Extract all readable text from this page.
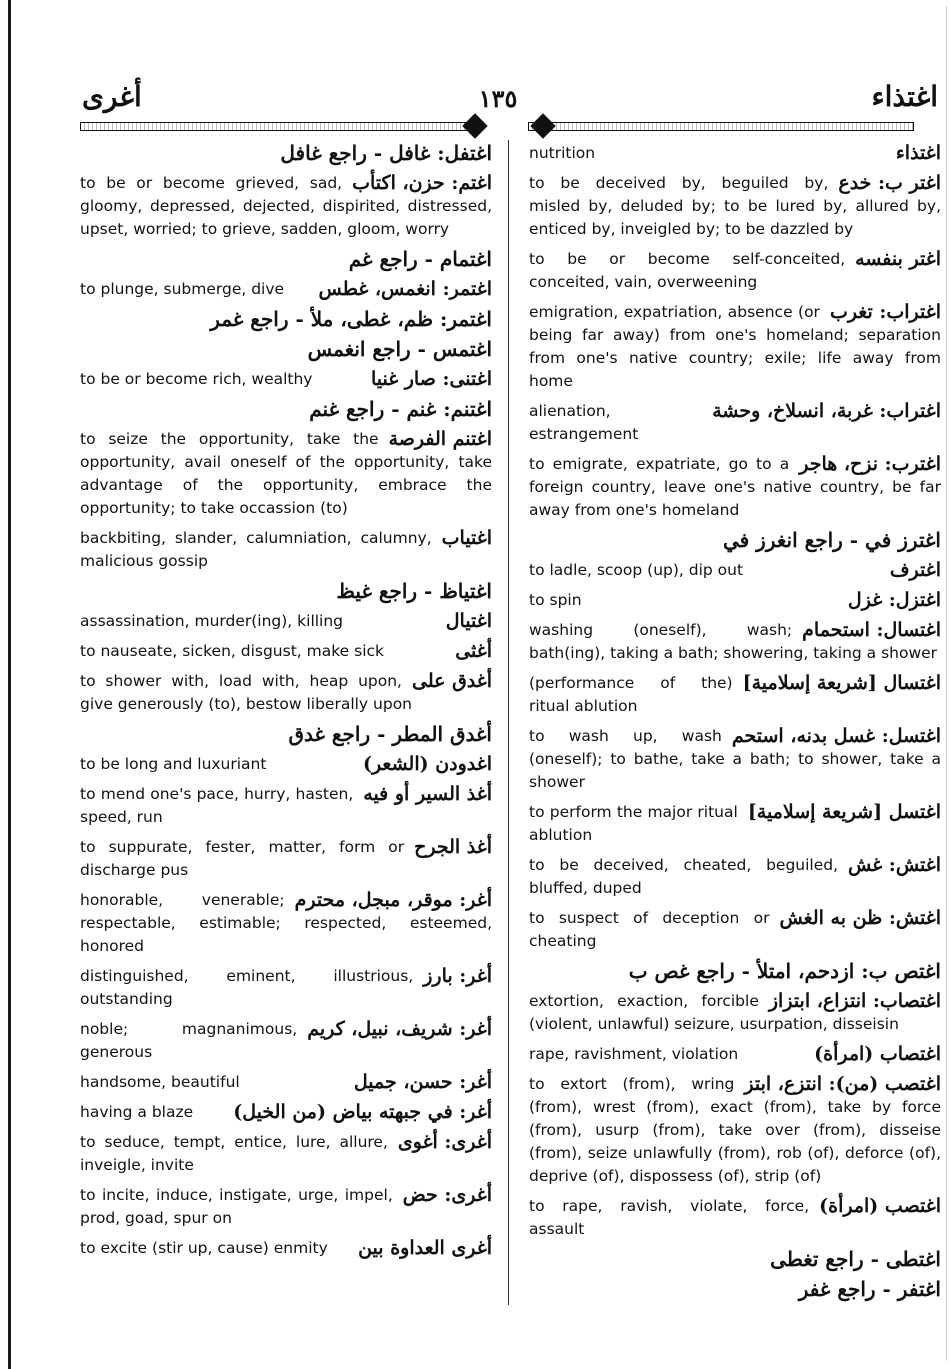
أغرى	١٣٥	اغتذاء
اغتفل: غافل - راجع غافل
اغتم: حزن، اكتأب
to be or become grieved, sad, gloomy, depressed, dejected, dispirited, distressed, upset, worried; to grieve, sadden, gloom, worry
اغتمام - راجع غم
اغتمر: انغمس، غطس
to plunge, submerge, dive
اغتمر: ظم، غطى، ملأ - راجع غمر
اغتمس - راجع انغمس
اغتنى: صار غنيا
to be or become rich, wealthy
اغتنم: غنم - راجع غنم
اغتنم الفرصة
to seize the opportunity, take the opportunity, avail oneself of the opportunity, take advantage of the opportunity, embrace the opportunity; to take occassion (to)
اغتياب
backbiting, slander, calumniation, calumny, malicious gossip
اغتياظ - راجع غيظ
اغتيال
assassination, murder(ing), killing
أغثى
to nauseate, sicken, disgust, make sick
أغدق على
to shower with, load with, heap upon, give generously (to), bestow liberally upon
أغدق المطر - راجع غدق
اغدودن (الشعر)
to be long and luxuriant
أغذ السير أو فيه
to mend one's pace, hurry, hasten, speed, run
أغذ الجرح
to suppurate, fester, matter, form or discharge pus
أغر: موقر، مبجل، محترم
honorable, venerable; respectable, estimable; respected, esteemed, honored
أغر: بارز
distinguished, eminent, illustrious, outstanding
أغر: شريف، نبيل، كريم
noble; magnanimous, generous
أغر: حسن، جميل
handsome, beautiful
أغر: في جبهته بياض (من الخيل)
having a blaze
أغرى: أغوى
to seduce, tempt, entice, lure, allure, inveigle, invite
أغرى: حض
to incite, induce, instigate, urge, impel, prod, goad, spur on
أغرى العداوة بين
to excite (stir up, cause) enmity
اغتذاء
nutrition
اغتر ب: خدع
to be deceived by, beguiled by, misled by, deluded by; to be lured by, allured by, enticed by, inveigled by; to be dazzled by
اغتر بنفسه
to be or become self-conceited, conceited, vain, overweening
اغتراب: تغرب
emigration, expatriation, absence (or being far away) from one's homeland; separation from one's native country; exile; life away from home
اغتراب: غربة، انسلاخ، وحشة
alienation, estrangement
اغترب: نزح، هاجر
to emigrate, expatriate, go to a foreign country, leave one's native country, be far away from one's homeland
اغترز في - راجع انغرز في
اغترف
to ladle, scoop (up), dip out
اغتزل: غزل
to spin
اغتسال: استحمام
washing (oneself), wash; bath(ing), taking a bath; showering, taking a shower
اغتسال [شريعة إسلامية]
(performance of the) ritual ablution
اغتسل: غسل بدنه، استحم
to wash up, wash (oneself); to bathe, take a bath; to shower, take a shower
اغتسل [شريعة إسلامية]
to perform the major ritual ablution
اغتش: غش
to be deceived, cheated, beguiled, bluffed, duped
اغتش: ظن به الغش
to suspect of deception or cheating
اغتص ب: ازدحم، امتلأ - راجع غص ب
اغتصاب: انتزاع، ابتزاز
extortion, exaction, forcible (violent, unlawful) seizure, usurpation, disseisin
اغتصاب (امرأة)
rape, ravishment, violation
اغتصب (من): انتزع، ابتز
to extort (from), wring (from), wrest (from), exact (from), take by force (from), usurp (from), take over (from), disseise (from), seize unlawfully (from), rob (of), deforce (of), deprive (of), dispossess (of), strip (of)
اغتصب (امرأة)
to rape, ravish, violate, force, assault
اغتطى - راجع تغطى
اغتفر - راجع غفر
